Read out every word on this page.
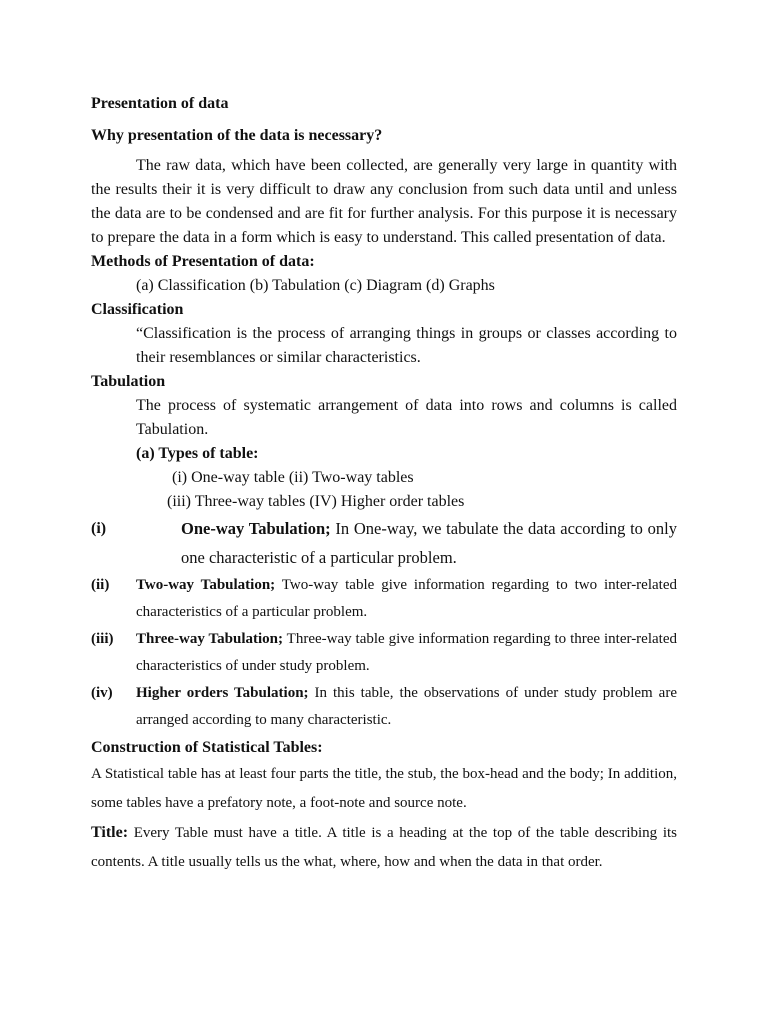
Presentation of data

Why presentation of the data is necessary?

The raw data, which have been collected, are generally very large in quantity with the results their it is very difficult to draw any conclusion from such data until and unless the data are to be condensed and are fit for further analysis. For this purpose it is necessary to prepare the data in a form which is easy to understand. This called presentation of data.

Methods of Presentation of data:

(a) Classification (b) Tabulation (c) Diagram (d) Graphs

Classification

“Classification is the process of arranging things in groups or classes according to their resemblances or similar characteristics.

Tabulation

The process of systematic arrangement of data into rows and columns is called Tabulation.

(a) Types of table:

(i) One-way table (ii) Two-way tables

(iii) Three-way tables (IV) Higher order tables

(i)	One-way Tabulation; In One-way, we tabulate the data according to only one characteristic of a particular problem.
(ii) Two-way Tabulation; Two-way table give information regarding to two inter-related characteristics of a particular problem.
(iii) Three-way Tabulation; Three-way table give information regarding to three inter-related characteristics of under study problem.
(iv) Higher orders Tabulation; In this table, the observations of under study problem are arranged according to many characteristic.

Construction of Statistical Tables:

A Statistical table has at least four parts the title, the stub, the box-head and the body; In addition, some tables have a prefatory note, a foot-note and source note.

Title: Every Table must have a title. A title is a heading at the top of the table describing its contents. A title usually tells us the what, where, how and when the data in that order.
